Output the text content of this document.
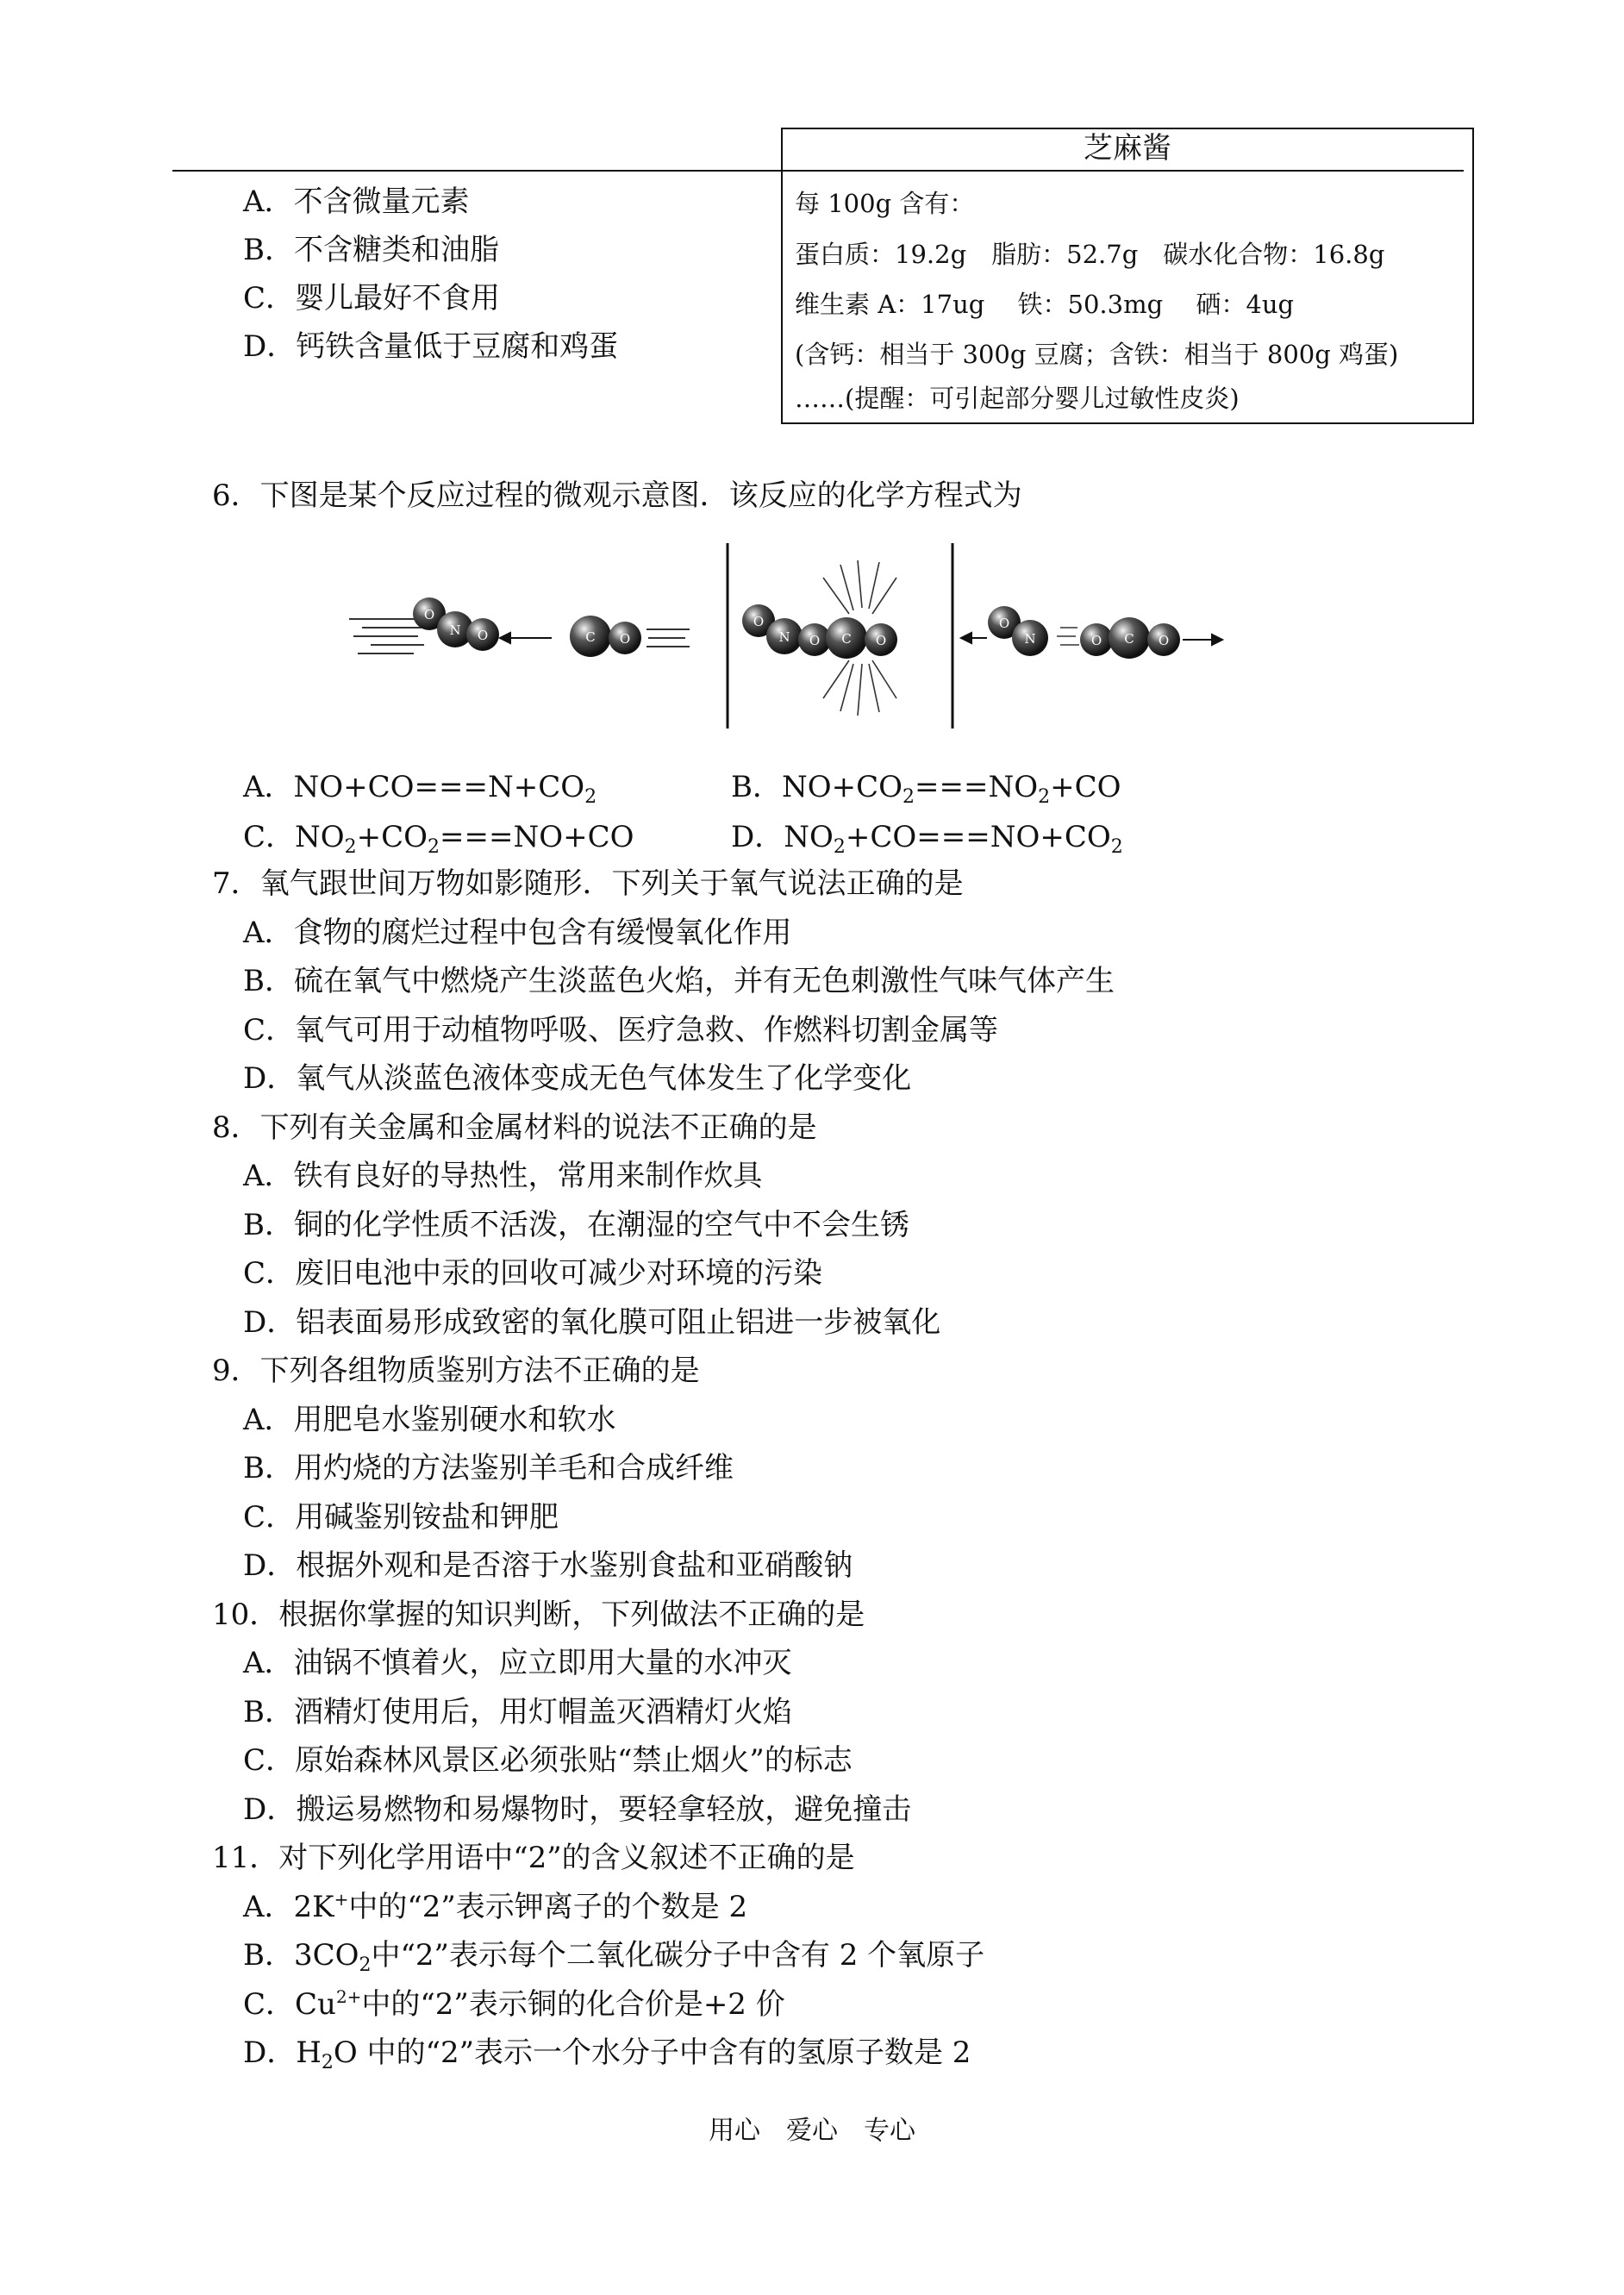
芝麻酱
每 100g 含有：
蛋白质：19.2g　脂肪：52.7g　碳水化合物：16.8g
维生素 A：17ug　 铁：50.3mg　 硒：4ug
(含钙：相当于 300g 豆腐；含铁：相当于 800g 鸡蛋)
……(提醒：可引起部分婴儿过敏性皮炎)
A．不含微量元素
B．不含糖类和油脂
C．婴儿最好不食用
D．钙铁含量低于豆腐和鸡蛋
6．下图是某个反应过程的微观示意图．该反应的化学方程式为
O
N O	C O
O
N O C O
O
N	O C O
A．$NO+CO===N+CO_2$	B．$NO+CO_2===NO_2+CO$
C．$NO_2+CO_2===NO+CO$	D．$NO_2+CO===NO+CO_2$
7．氧气跟世间万物如影随形．下列关于氧气说法正确的是
A．食物的腐烂过程中包含有缓慢氧化作用
B．硫在氧气中燃烧产生淡蓝色火焰，并有无色刺激性气味气体产生
C．氧气可用于动植物呼吸、医疗急救、作燃料切割金属等
D．氧气从淡蓝色液体变成无色气体发生了化学变化
8．下列有关金属和金属材料的说法不正确的是
A．铁有良好的导热性，常用来制作炊具
B．铜的化学性质不活泼，在潮湿的空气中不会生锈
C．废旧电池中汞的回收可减少对环境的污染
D．铝表面易形成致密的氧化膜可阻止铝进一步被氧化
9．下列各组物质鉴别方法不正确的是
A．用肥皂水鉴别硬水和软水
B．用灼烧的方法鉴别羊毛和合成纤维
C．用碱鉴别铵盐和钾肥
D．根据外观和是否溶于水鉴别食盐和亚硝酸钠
10．根据你掌握的知识判断，下列做法不正确的是
A．油锅不慎着火，应立即用大量的水冲灭
B．酒精灯使用后，用灯帽盖灭酒精灯火焰
C．原始森林风景区必须张贴“禁止烟火”的标志
D．搬运易燃物和易爆物时，要轻拿轻放，避免撞击
11．对下列化学用语中“2”的含义叙述不正确的是
A．2K+中的“2”表示钾离子的个数是 2
B．$3CO_2$中“2”表示每个二氧化碳分子中含有 2 个氧原子
C．$Cu^{2+}$中的“2”表示铜的化合价是+2 价
D．$H_2O$ 中的“2”表示一个水分子中含有的氢原子数是 2
用心　爱心　专心
